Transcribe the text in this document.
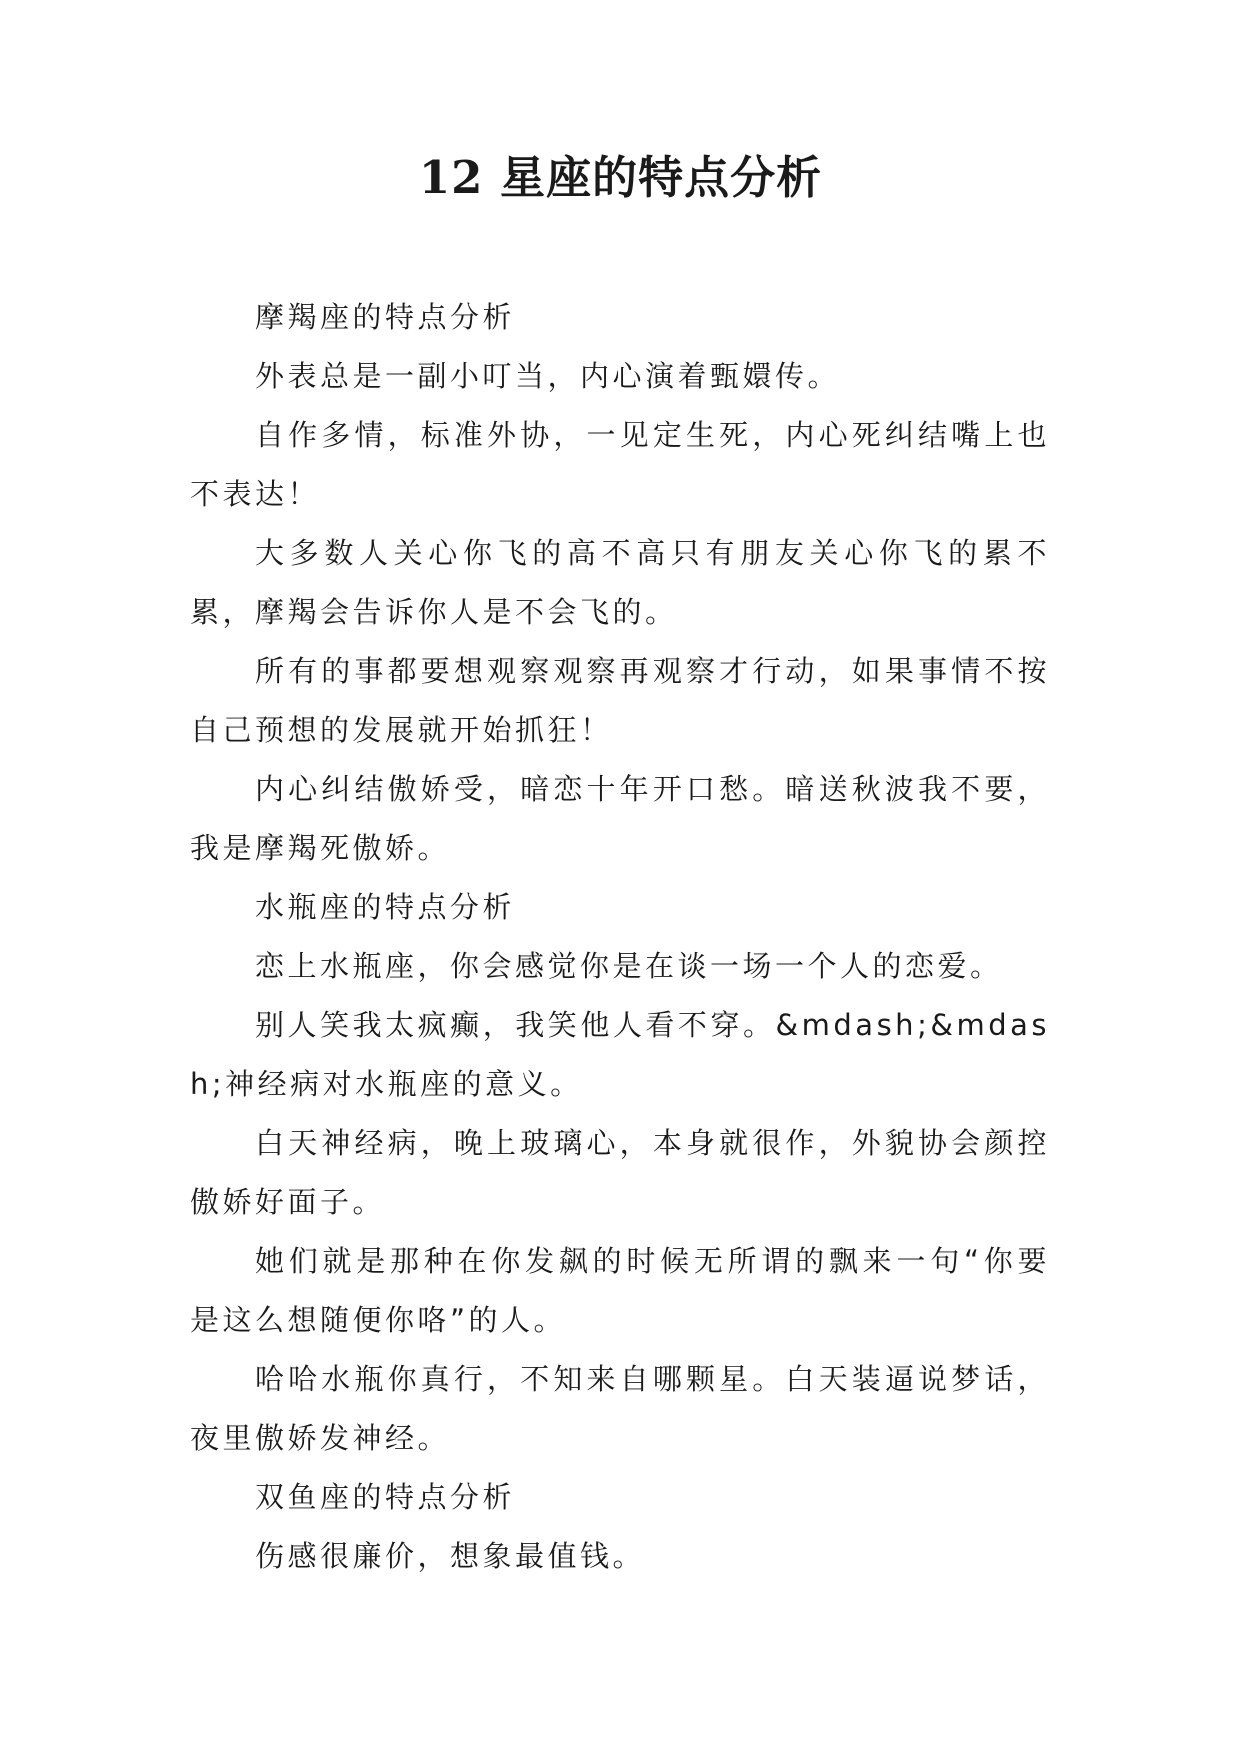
12 星座的特点分析

摩羯座的特点分析

外表总是一副小叮当，内心演着甄嬛传。

自作多情，标准外协，一见定生死，内心死纠结嘴上也不表达！

大多数人关心你飞的高不高只有朋友关心你飞的累不累，摩羯会告诉你人是不会飞的。

所有的事都要想观察观察再观察才行动，如果事情不按自己预想的发展就开始抓狂！

内心纠结傲娇受，暗恋十年开口愁。暗送秋波我不要，我是摩羯死傲娇。

水瓶座的特点分析

恋上水瓶座，你会感觉你是在谈一场一个人的恋爱。

别人笑我太疯癫，我笑他人看不穿。&mdash;&mdash;神经病对水瓶座的意义。

白天神经病，晚上玻璃心，本身就很作，外貌协会颜控傲娇好面子。

她们就是那种在你发飙的时候无所谓的飘来一句“你要是这么想随便你咯”的人。

哈哈水瓶你真行，不知来自哪颗星。白天装逼说梦话，夜里傲娇发神经。

双鱼座的特点分析

伤感很廉价，想象最值钱。
